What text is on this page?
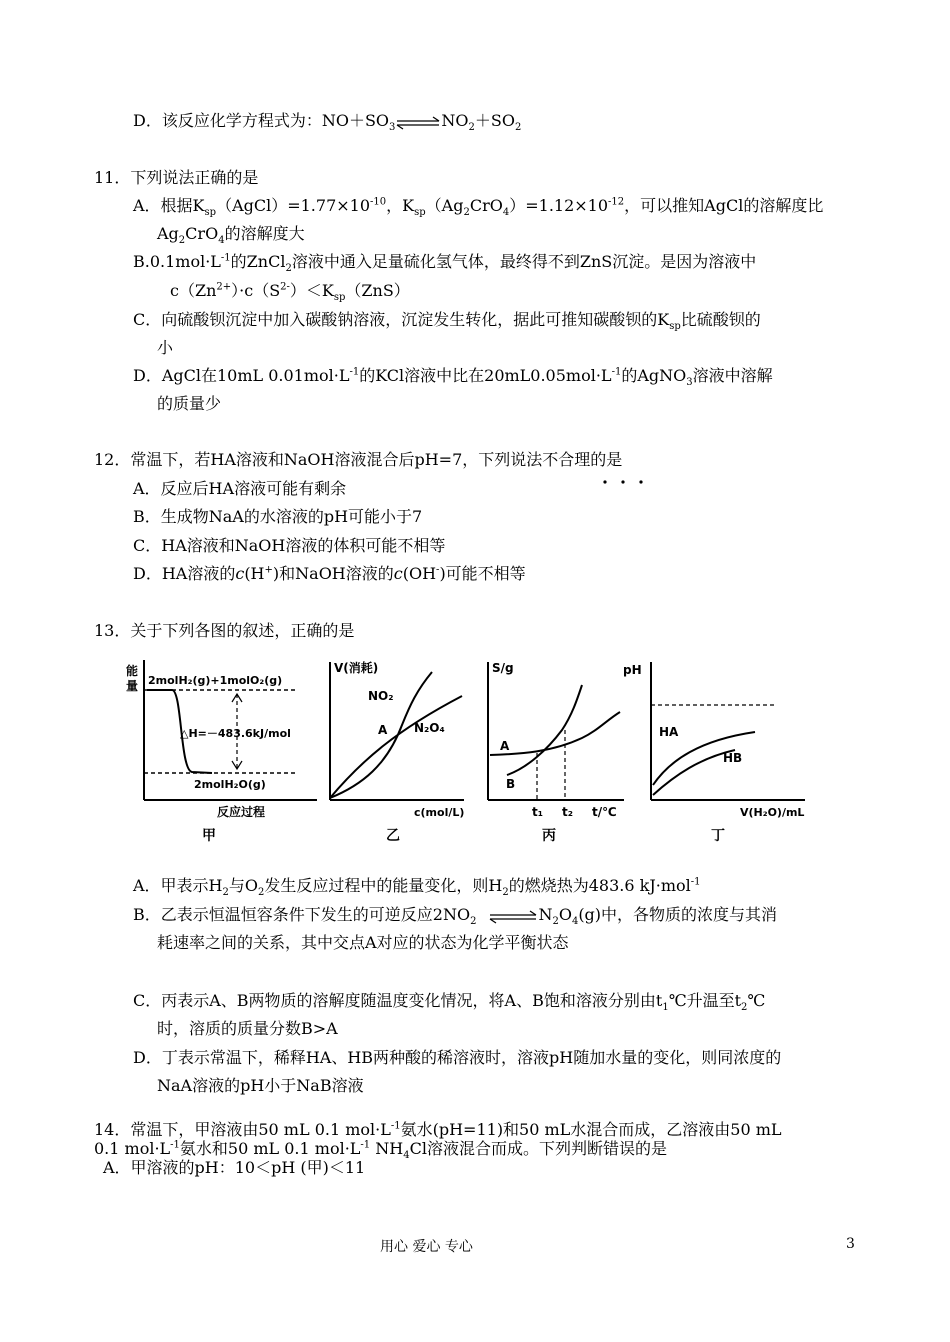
D．该反应化学方程式为：$NO+SO_3\rightleftharpoons NO_2+SO_2$
11．下列说法正确的是
A．根据$K_{sp}(AgCl)=1.77\times 10^{-10}$，$K_{sp}(Ag_2CrO_4)=1.12\times 10^{-12}$，可以推知AgCl的溶解度比
$Ag_2CrO_4$的溶解度大
$B.0.1mol\cdot L^{-1}$的ZnCl$_2$溶液中通入足量硫化氢气体，最终得不到ZnS沉淀。是因为溶液中
$c(Zn^{2+})\cdot c(S^{2-})<K_{sp}(ZnS)$
C．向硫酸钡沉淀中加入碳酸钠溶液，沉淀发生转化，据此可推知碳酸钡的$K_{sp}$比硫酸钡的
小
D．AgCl在10mL $0.01mol\cdot L^{-1}$的KCl溶液中比在$20mL0.05mol\cdot L^{-1}$的AgNO$_3$溶液中溶解
的质量少
12．常温下，若HA溶液和NaOH溶液混合后pH=7，下列说法不合理的是
A．反应后HA溶液可能有剩余
B．生成物NaA的水溶液的pH可能小于7
C．HA溶液和NaOH溶液的体积可能不相等
D．HA溶液的c(H+)和NaOH溶液的c(OH-)可能不相等
13．关于下列各图的叙述，正确的是
能
量 2molH₂(g)+1molO₂(g)
△H=－483.6kJ/mol
2molH₂O(g)
反应过程
甲
V(消耗)
NO₂
A N₂O₄
c(mol/L)
乙
S/g
A
B
t₁ t₂ t/℃
丙
pH
HA
HB
V(H₂O)/mL
丁
A．甲表示$H_2$与$O_2$发生反应过程中的能量变化，则$H_2$的燃烧热为483.6 kJ·mol$^{-1}$
B．乙表示恒温恒容条件下发生的可逆反应$2NO_2\rightleftharpoons N_2O_4(g)$中，各物质的浓度与其消
耗速率之间的关系，其中交点A对应的状态为化学平衡状态
C．丙表示A、B两物质的溶解度随温度变化情况，将A、B饱和溶液分别由$t_1℃$升温至$t_2℃$
时，溶质的质量分数B>A
D．丁表示常温下，稀释HA、HB两种酸的稀溶液时，溶液pH随加水量的变化，则同浓度的
NaA溶液的pH小于NaB溶液
14．常温下，甲溶液由50 mL 0.1 $mol\cdot L^{-1}$氨水(pH=11)和50 mL水混合而成，乙溶液由50 mL
0.1 $mol\cdot L^{-1}$氨水和50 mL 0.1 $mol\cdot L^{-1}$ $NH_4Cl$溶液混合而成。下列判断错误的是
A．甲溶液的pH：10＜pH (甲)＜11
用心 爱心 专心	3
